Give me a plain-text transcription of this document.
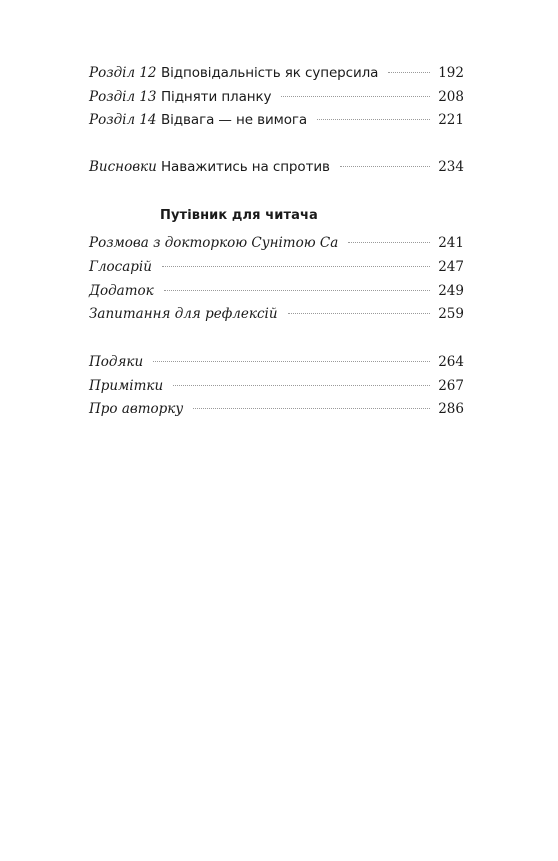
Розділ 12 Відповідальність як суперсила	192
Розділ 13 Підняти планку	208
Розділ 14 Відвага — не вимога	221
Висновки Наважитись на спротив	234
Путівник для читача
Розмова з докторкою Сунітою Са	241
Глосарій	247
Додаток	249
Запитання для рефлексій	259
Подяки	264
Примітки	267
Про авторку	286
